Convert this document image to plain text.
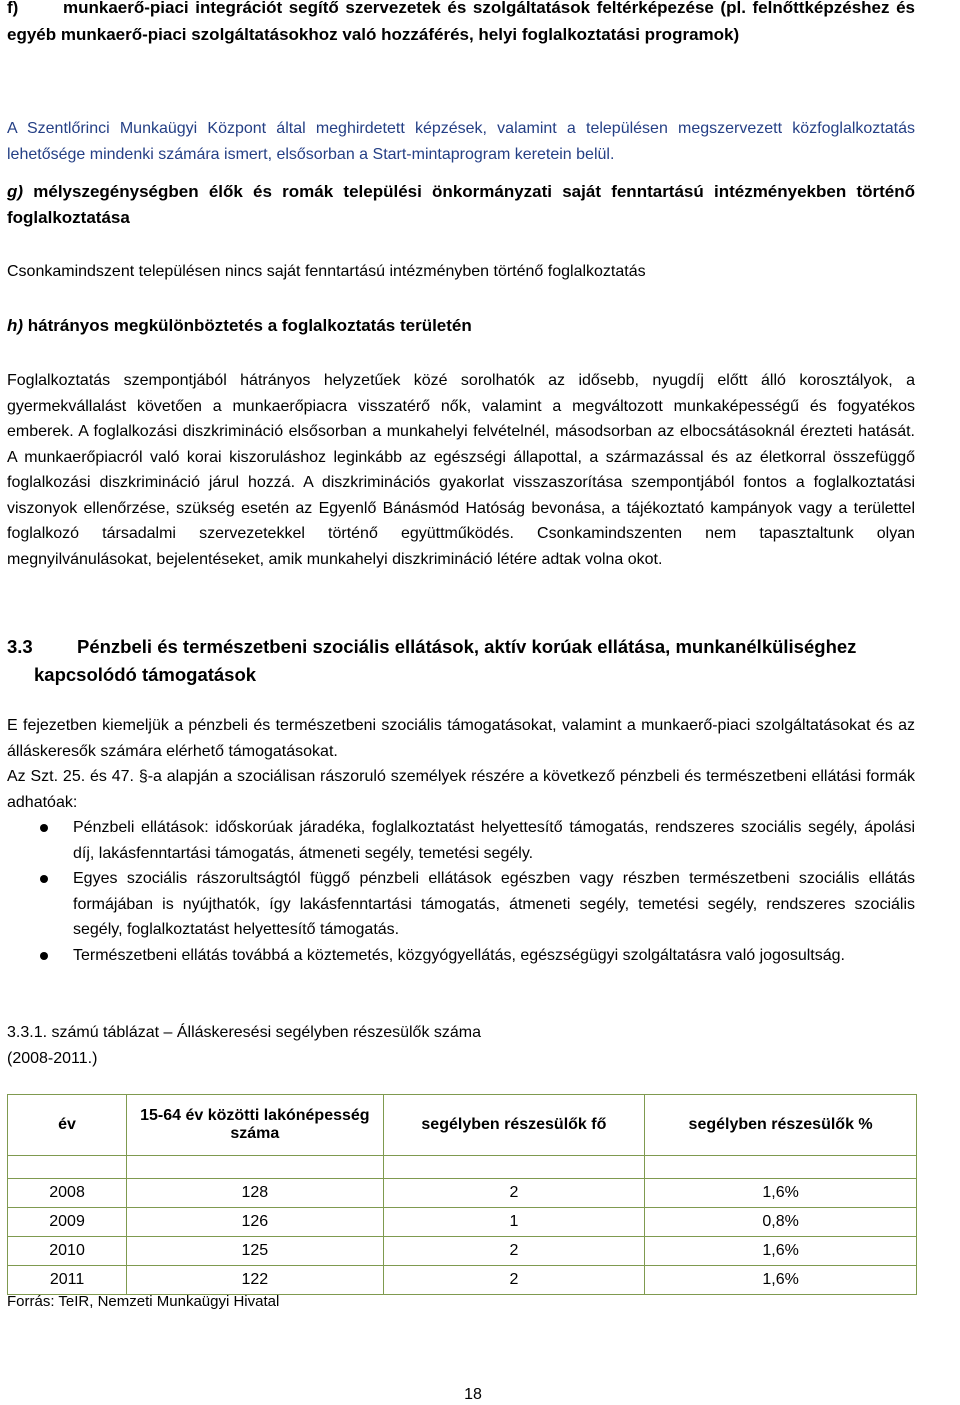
f)	munkaerő-piaci integrációt segítő szervezetek és szolgáltatások feltérképezése (pl. felnőttképzéshez és egyéb munkaerő-piaci szolgáltatásokhoz való hozzáférés, helyi foglalkoztatási programok)

A Szentlőrinci Munkaügyi Központ által meghirdetett képzések, valamint a településen megszervezett közfoglalkoztatás lehetősége mindenki számára ismert, elsősorban a Start-mintaprogram keretein belül.

g) mélyszegénységben élők és romák települési önkormányzati saját fenntartású intézményekben történő foglalkoztatása

Csonkamindszent településen nincs saját fenntartású intézményben történő foglalkoztatás

h) hátrányos megkülönböztetés a foglalkoztatás területén

Foglalkoztatás szempontjából hátrányos helyzetűek közé sorolhatók az idősebb, nyugdíj előtt álló korosztályok, a gyermekvállalást követően a munkaerőpiacra visszatérő nők, valamint a megváltozott munkaképességű és fogyatékos emberek. A foglalkozási diszkrimináció elsősorban a munkahelyi felvételnél, másodsorban az elbocsátásoknál érezteti hatását. A munkaerőpiacról való korai kiszoruláshoz leginkább az egészségi állapottal, a származással és az életkorral összefüggő foglalkozási diszkrimináció járul hozzá. A diszkriminációs gyakorlat visszaszorítása szempontjából fontos a foglalkoztatási viszonyok ellenőrzése, szükség esetén az Egyenlő Bánásmód Hatóság bevonása, a tájékoztató kampányok vagy a területtel foglalkozó társadalmi szervezetekkel történő együttműködés. Csonkamindszenten nem tapasztaltunk olyan megnyilvánulásokat, bejelentéseket, amik munkahelyi diszkrimináció létére adtak volna okot.

3.3 Pénzbeli és természetbeni szociális ellátások, aktív korúak ellátása, munkanélküliséghez
kapcsolódó támogatások

E fejezetben kiemeljük a pénzbeli és természetbeni szociális támogatásokat, valamint a munkaerő-piaci szolgáltatásokat és az álláskeresők számára elérhető támogatásokat.

Az Szt. 25. és 47. §-a alapján a szociálisan rászoruló személyek részére a következő pénzbeli és természetbeni ellátási formák adhatóak:

Pénzbeli ellátások: időskorúak járadéka, foglalkoztatást helyettesítő támogatás, rendszeres szociális segély, ápolási díj, lakásfenntartási támogatás, átmeneti segély, temetési segély.
Egyes szociális rászorultságtól függő pénzbeli ellátások egészben vagy részben természetbeni szociális ellátás formájában is nyújthatók, így lakásfenntartási támogatás, átmeneti segély, temetési segély, rendszeres szociális segély, foglalkoztatást helyettesítő támogatás.
Természetbeni ellátás továbbá a köztemetés, közgyógyellátás, egészségügyi szolgáltatásra való jogosultság.
3.3.1. számú táblázat – Álláskeresési segélyben részesülők száma
(2008-2011.)
év	15-64 év közötti lakónépesség száma	segélyben részesülők fő	segélyben részesülők %

2008	128	2	1,6%
2009	126	1	0,8%
2010	125	2	1,6%
2011	122	2	1,6%
Forrás: TeIR, Nemzeti Munkaügyi Hivatal
18
